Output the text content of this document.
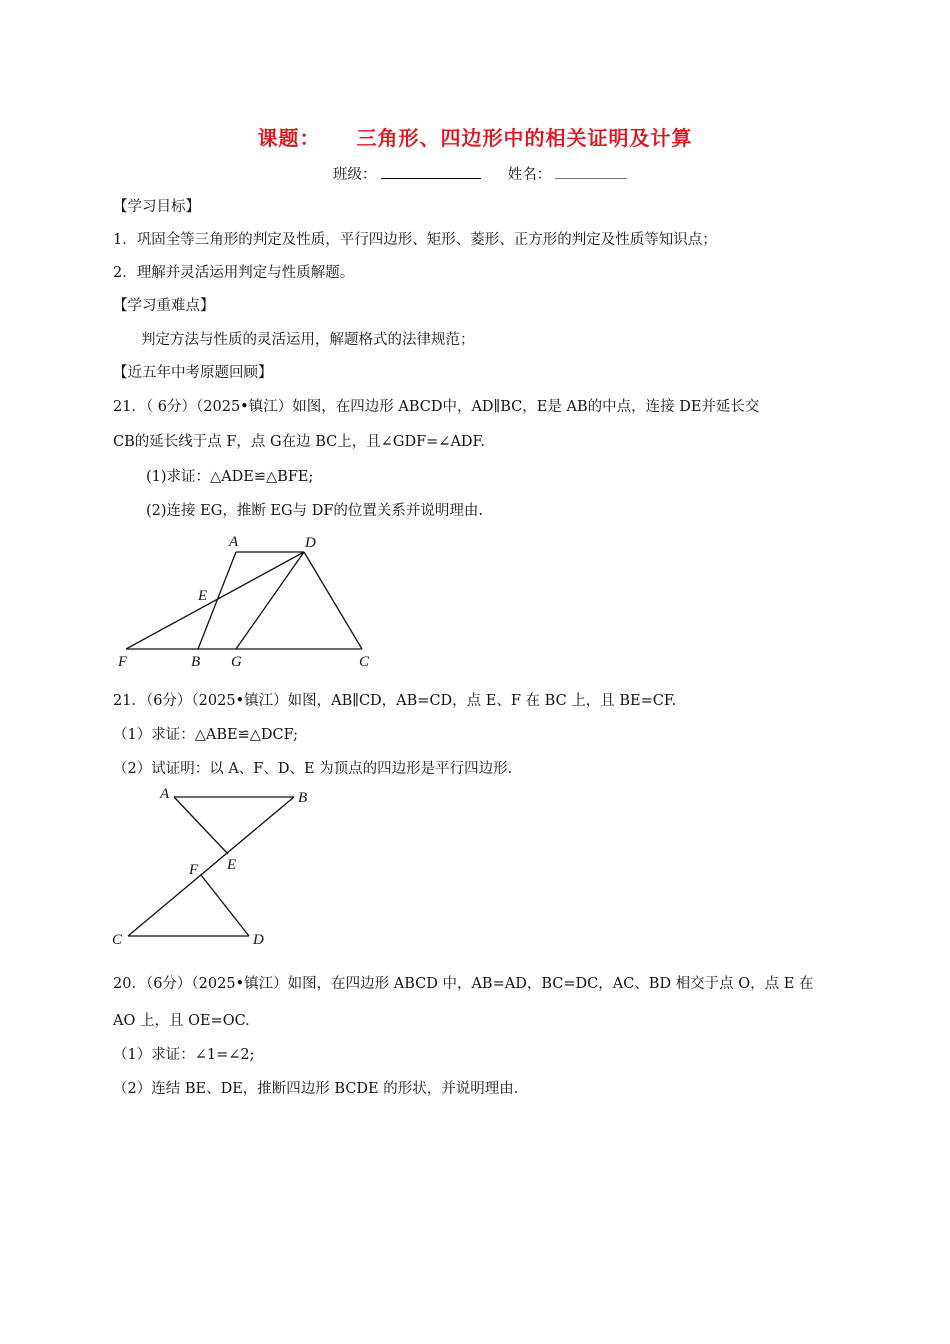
课题： 三角形、四边形中的相关证明及计算
班级：	姓名：
【学习目标】
1．巩固全等三角形的判定及性质，平行四边形、矩形、菱形、正方形的判定及性质等知识点；
2．理解并灵活运用判定与性质解题。
【学习重难点】
判定方法与性质的灵活运用，解题格式的法律规范；
【近五年中考原题回顾】
21．（ 6分）（2025•镇江）如图，在四边形 ABCD中，AD∥BC，E是 AB的中点，连接 DE并延长交
CB的延长线于点 F，点 G在边 BC上，且∠GDF=∠ADF.
(1)求证：△ADE≌△BFE;
(2)连接 EG，推断 EG与 DF的位置关系并说明理由.
A	D
E
F	B G	C
21．（6分）（2025•镇江）如图，AB∥CD，AB=CD，点 E、F 在 BC 上，且 BE=CF.
（1）求证：△ABE≌△DCF;
（2）试证明：以 A、F、D、E 为顶点的四边形是平行四边形.
A	B
F E
C	D
20．（6分）（2025•镇江）如图，在四边形 ABCD 中，AB=AD，BC=DC，AC、BD 相交于点 O，点 E 在
AO 上，且 OE=OC.
（1）求证：∠1=∠2;
（2）连结 BE、DE，推断四边形 BCDE 的形状，并说明理由.
